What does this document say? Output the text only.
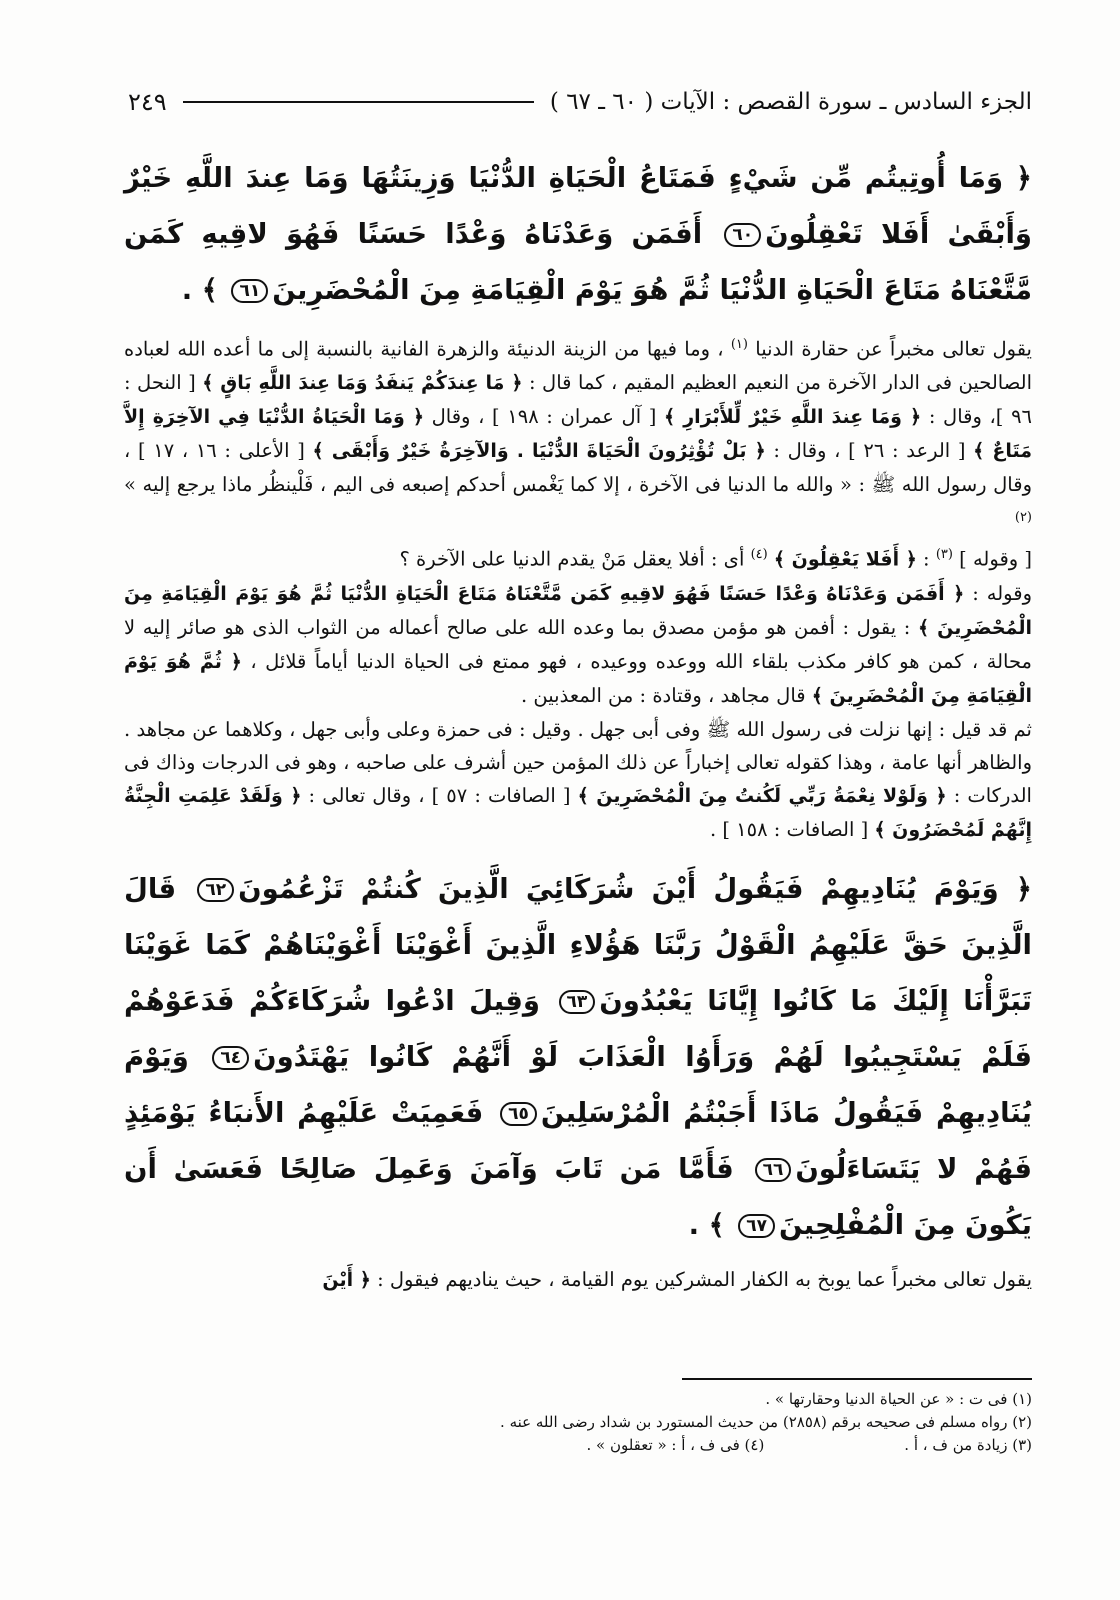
الجزء السادس ـ سورة القصص : الآيات ( ٦٠ ـ ٦٧ )
٢٤٩

﴿ وَمَا أُوتِيتُم مِّن شَيْءٍ فَمَتَاعُ الْحَيَاةِ الدُّنْيَا وَزِينَتُهَا وَمَا عِندَ اللَّهِ خَيْرٌ وَأَبْقَىٰ أَفَلا تَعْقِلُونَ٦٠ أَفَمَن وَعَدْنَاهُ وَعْدًا حَسَنًا فَهُوَ لاقِيهِ كَمَن مَّتَّعْنَاهُ مَتَاعَ الْحَيَاةِ الدُّنْيَا ثُمَّ هُوَ يَوْمَ الْقِيَامَةِ مِنَ الْمُحْضَرِينَ٦١ ﴾ .

يقول تعالى مخبراً عن حقارة الدنيا $^{(١)}$ ، وما فيها من الزينة الدنيئة والزهرة الفانية بالنسبة إلى ما أعده الله لعباده الصالحين فى الدار الآخرة من النعيم العظيم المقيم ، كما قال : ﴿ مَا عِندَكُمْ يَنفَدُ وَمَا عِندَ اللَّهِ بَاقٍ ﴾ [ النحل : ٩٦ ]، وقال : ﴿ وَمَا عِندَ اللَّهِ خَيْرٌ لِّلأَبْرَارِ ﴾ [ آل عمران : ١٩٨ ] ، وقال ﴿ وَمَا الْحَيَاةُ الدُّنْيَا فِي الآخِرَةِ إِلاَّ مَتَاعٌ ﴾ [ الرعد : ٢٦ ] ، وقال : ﴿ بَلْ تُؤْثِرُونَ الْحَيَاةَ الدُّنْيَا . وَالآخِرَةُ خَيْرٌ وَأَبْقَى ﴾ [ الأعلى : ١٦ ، ١٧ ] ، وقال رسول الله ﷺ : « والله ما الدنيا فى الآخرة ، إلا كما يَغْمس أحدكم إصبعه فى اليم ، فَلْينظُر ماذا يرجع إليه » $^{(٢)}$

[ وقوله ] $^{(٣)}$ : ﴿ أَفَلا يَعْقِلُونَ ﴾ $^{(٤)}$ أى : أفلا يعقل مَنْ يقدم الدنيا على الآخرة ؟

وقوله : ﴿ أَفَمَن وَعَدْنَاهُ وَعْدًا حَسَنًا فَهُوَ لاقِيهِ كَمَن مَّتَّعْنَاهُ مَتَاعَ الْحَيَاةِ الدُّنْيَا ثُمَّ هُوَ يَوْمَ الْقِيَامَةِ مِنَ الْمُحْضَرِينَ ﴾ : يقول : أفمن هو مؤمن مصدق بما وعده الله على صالح أعماله من الثواب الذى هو صائر إليه لا محالة ، كمن هو كافر مكذب بلقاء الله ووعده ووعيده ، فهو ممتع فى الحياة الدنيا أياماً قلائل ، ﴿ ثُمَّ هُوَ يَوْمَ الْقِيَامَةِ مِنَ الْمُحْضَرِينَ ﴾ قال مجاهد ، وقتادة : من المعذبين .

ثم قد قيل : إنها نزلت فى رسول الله ﷺ وفى أبى جهل . وقيل : فى حمزة وعلى وأبى جهل ، وكلاهما عن مجاهد . والظاهر أنها عامة ، وهذا كقوله تعالى إخباراً عن ذلك المؤمن حين أشرف على صاحبه ، وهو فى الدرجات وذاك فى الدركات : ﴿ وَلَوْلا نِعْمَةُ رَبِّي لَكُنتُ مِنَ الْمُحْضَرِينَ ﴾ [ الصافات : ٥٧ ] ، وقال تعالى : ﴿ وَلَقَدْ عَلِمَتِ الْجِنَّةُ إِنَّهُمْ لَمُحْضَرُونَ ﴾ [ الصافات : ١٥٨ ] .

﴿ وَيَوْمَ يُنَادِيهِمْ فَيَقُولُ أَيْنَ شُرَكَائِيَ الَّذِينَ كُنتُمْ تَزْعُمُونَ٦٢ قَالَ الَّذِينَ حَقَّ عَلَيْهِمُ الْقَوْلُ رَبَّنَا هَؤُلاءِ الَّذِينَ أَغْوَيْنَا أَغْوَيْنَاهُمْ كَمَا غَوَيْنَا تَبَرَّأْنَا إِلَيْكَ مَا كَانُوا إِيَّانَا يَعْبُدُونَ٦٣ وَقِيلَ ادْعُوا شُرَكَاءَكُمْ فَدَعَوْهُمْ فَلَمْ يَسْتَجِيبُوا لَهُمْ وَرَأَوُا الْعَذَابَ لَوْ أَنَّهُمْ كَانُوا يَهْتَدُونَ٦٤ وَيَوْمَ يُنَادِيهِمْ فَيَقُولُ مَاذَا أَجَبْتُمُ الْمُرْسَلِينَ٦٥ فَعَمِيَتْ عَلَيْهِمُ الأَنبَاءُ يَوْمَئِذٍ فَهُمْ لا يَتَسَاءَلُونَ٦٦ فَأَمَّا مَن تَابَ وَآمَنَ وَعَمِلَ صَالِحًا فَعَسَىٰ أَن يَكُونَ مِنَ الْمُفْلِحِينَ٦٧ ﴾ .

يقول تعالى مخبراً عما يوبخ به الكفار المشركين يوم القيامة ، حيث يناديهم فيقول : ﴿ أَيْنَ

(١) فى ت : « عن الحياة الدنيا وحقارتها » .
(٢) رواه مسلم فى صحيحه برقم (٢٨٥٨) من حديث المستورد بن شداد رضى الله عنه .
(٣) زيادة من ف ، أ .
(٤) فى ف ، أ : « تعقلون » .
